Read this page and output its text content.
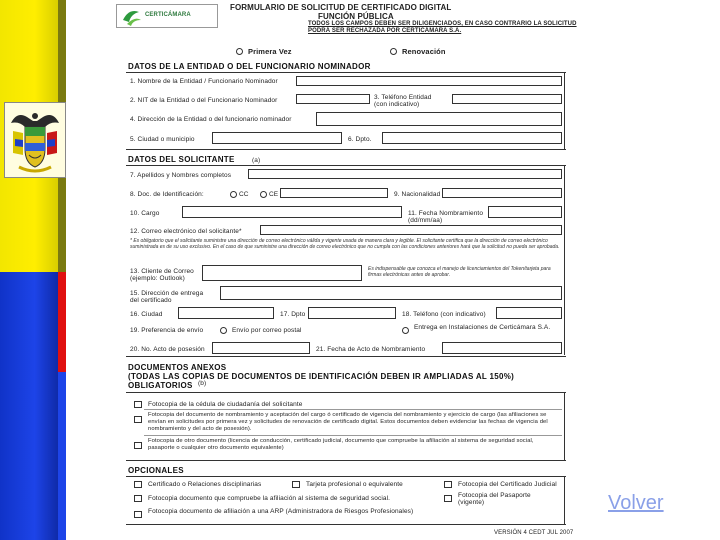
CERTICÁMARA
FORMULARIO DE SOLICITUD DE CERTIFICADO DIGITAL
FUNCIÓN PÚBLICA
TODOS LOS CAMPOS DEBEN SER DILIGENCIADOS, EN CASO CONTRARIO LA SOLICITUD
PODRÁ SER RECHAZADA POR CERTICÁMARA S.A.
Primera Vez	Renovación
DATOS DE LA ENTIDAD O DEL FUNCIONARIO NOMINADOR
1. Nombre de la Entidad / Funcionario Nominador
2. NIT de la Entidad o del Funcionario Nominador	3. Teléfono Entidad
(con indicativo)
4. Dirección de la Entidad o del funcionario nominador
5. Ciudad o municipio	6. Dpto.
DATOS DEL SOLICITANTE	(a)
7. Apellidos y Nombres completos
8. Doc. de Identificación:	CC	CE	9. Nacionalidad
10. Cargo	11. Fecha Nombramiento
(dd/mm/aa)
12. Correo electrónico del solicitante*
* Es obligatorio que el solicitante suministre una dirección de correo electrónico válida y vigente usada de manera clara y legible. El solicitante certifica que la dirección de correo electrónico suministrada es de su uso exclusivo. En el caso de que suministre una dirección de correo electrónico que no cumpla con las condiciones anteriores hará que la solicitud no pueda ser aprobada.
13. Cliente de Correo
(ejemplo: Outlook)
Es indispensable que conozca el manejo de licenciamientos del Token/tarjeta para firmas electrónicas antes de aprobar.
15. Dirección de entrega
del certificado
16. Ciudad	17. Dpto	18. Teléfono (con indicativo)
19. Preferencia de envío	Envío por correo postal	Entrega en Instalaciones de Certicámara S.A.
20. No. Acto de posesión	21. Fecha de Acto de Nombramiento
DOCUMENTOS ANEXOS
(TODAS LAS COPIAS DE DOCUMENTOS DE IDENTIFICACIÓN DEBEN IR AMPLIADAS AL 150%)
OBLIGATORIOS (b)
Fotocopia de la cédula de ciudadanía del solicitante
Fotocopia del documento de nombramiento y aceptación del cargo ó certificado de vigencia del nombramiento y ejercicio de cargo (las afiliaciones se envían en solicitudes por primera vez y solicitudes de renovación de certificado digital. Estos documentos deben evidenciar las fechas de vigencia del nombramiento y del acto de posesión).
Fotocopia de otro documento (licencia de conducción, certificado judicial, documento que compruebe la afiliación al sistema de seguridad social, pasaporte o cualquier otro documento equivalente)
OPCIONALES
Certificado o Relaciones disciplinarias	Tarjeta profesional o equivalente	Fotocopia del Certificado Judicial
Fotocopia documento que compruebe la afiliación al sistema de seguridad social.	Fotocopia del Pasaporte (vigente)
Fotocopia documento de afiliación a una ARP (Administradora de Riesgos Profesionales)
VERSIÓN 4 CEDT JUL 2007
Volver
